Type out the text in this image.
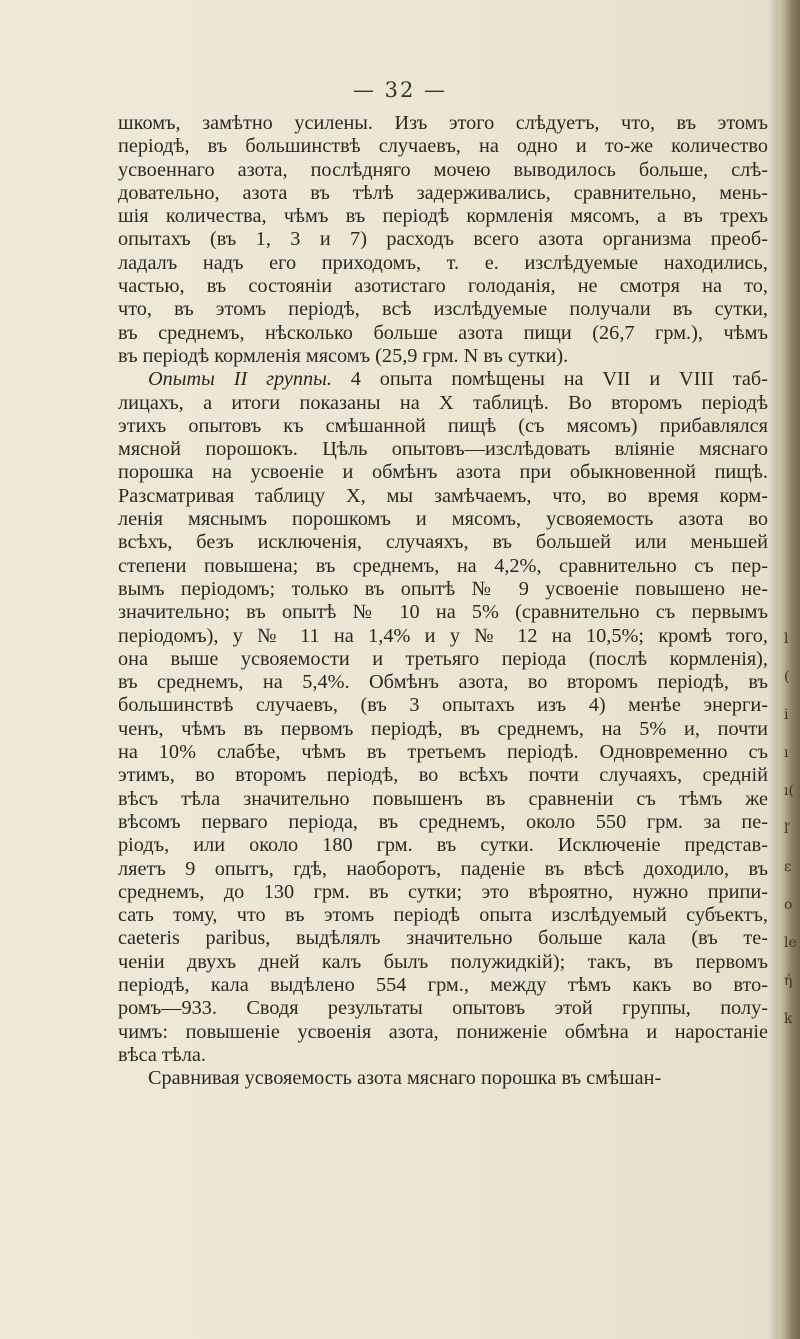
l
(
i
ı
ı(
ľ
ε
ο
le
ή
k
— 32 —
шкомъ, замѣтно усилены. Изъ этого слѣдуетъ, что, въ этомъ
періодѣ, въ большинствѣ случаевъ, на одно и то-же количество
усвоеннаго азота, послѣдняго мочею выводилось больше, слѣ-
довательно, азота въ тѣлѣ задерживались, сравнительно, мень-
шія количества, чѣмъ въ періодѣ кормленія мясомъ, а въ трехъ
опытахъ (въ 1, 3 и 7) расходъ всего азота организма преоб-
ладалъ надъ его приходомъ, т. е. изслѣдуемые находились,
частью, въ состояніи азотистаго голоданія, не смотря на то,
что, въ этомъ періодѣ, всѣ изслѣдуемые получали въ сутки,
въ среднемъ, нѣсколько больше азота пищи (26,7 грм.), чѣмъ
въ періодѣ кормленія мясомъ (25,9 грм. N въ сутки).
Опыты II группы. 4 опыта помѣщены на VII и VIII таб-
лицахъ, а итоги показаны на X таблицѣ. Во второмъ періодѣ
этихъ опытовъ къ смѣшанной пищѣ (съ мясомъ) прибавлялся
мясной порошокъ. Цѣль опытовъ—изслѣдовать вліяніе мяснаго
порошка на усвоеніе и обмѣнъ азота при обыкновенной пищѣ.
Разсматривая таблицу X, мы замѣчаемъ, что, во время корм-
ленія мяснымъ порошкомъ и мясомъ, усвояемость азота во
всѣхъ, безъ исключенія, случаяхъ, въ большей или меньшей
степени повышена; въ среднемъ, на 4,2%, сравнительно съ пер-
вымъ періодомъ; только въ опытѣ № 9 усвоеніе повышено не-
значительно; въ опытѣ № 10 на 5% (сравнительно съ первымъ
періодомъ), у № 11 на 1,4% и у № 12 на 10,5%; кромѣ того,
она выше усвояемости и третьяго періода (послѣ кормленія),
въ среднемъ, на 5,4%. Обмѣнъ азота, во второмъ періодѣ, въ
большинствѣ случаевъ, (въ 3 опытахъ изъ 4) менѣе энерги-
ченъ, чѣмъ въ первомъ періодѣ, въ среднемъ, на 5% и, почти
на 10% слабѣе, чѣмъ въ третьемъ періодѣ. Одновременно съ
этимъ, во второмъ періодѣ, во всѣхъ почти случаяхъ, средній
вѣсъ тѣла значительно повышенъ въ сравненіи съ тѣмъ же
вѣсомъ перваго періода, въ среднемъ, около 550 грм. за пе-
ріодъ, или около 180 грм. въ сутки. Исключеніе представ-
ляетъ 9 опытъ, гдѣ, наоборотъ, паденіе въ вѣсѣ доходило, въ
среднемъ, до 130 грм. въ сутки; это вѣроятно, нужно припи-
сать тому, что въ этомъ періодѣ опыта изслѣдуемый субъектъ,
caeteris paribus, выдѣлялъ значительно больше кала (въ те-
ченіи двухъ дней калъ былъ полужидкій); такъ, въ первомъ
періодѣ, кала выдѣлено 554 грм., между тѣмъ какъ во вто-
ромъ—933. Сводя результаты опытовъ этой группы, полу-
чимъ: повышеніе усвоенія азота, пониженіе обмѣна и наростаніе
вѣса тѣла.
Сравнивая усвояемость азота мяснаго порошка въ смѣшан-
